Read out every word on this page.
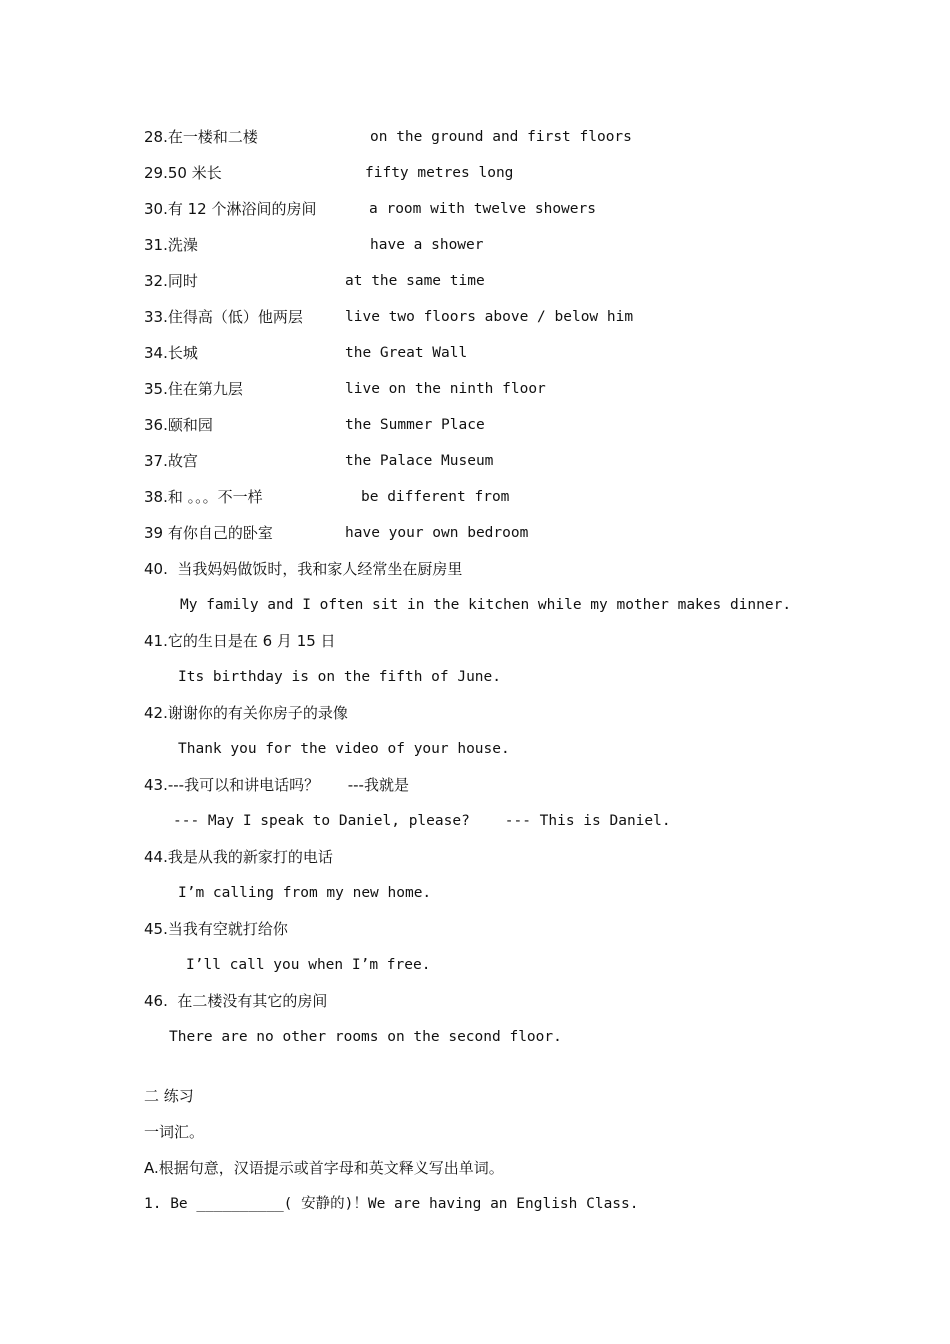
28.在一楼和二楼	on the ground and first floors
29.50 米长	fifty metres long
30.有 12 个淋浴间的房间	a room with twelve showers
31.洗澡	have a shower
32.同时	at the same time
33.住得高（低）他两层	live two floors above / below him
34.长城	the Great Wall
35.住在第九层	live on the ninth floor
36.颐和园	the Summer Place
37.故宫	the Palace Museum
38.和 。。。不一样	be different from
39 有你自己的卧室	have your own bedroom
40.  当我妈妈做饭时，我和家人经常坐在厨房里
My family and I often sit in the kitchen while my mother makes dinner.
41.它的生日是在 6 月 15 日
Its birthday is on the fifth of June.
42.谢谢你的有关你房子的录像
Thank you for the video of your house.
43.---我可以和讲电话吗？      ---我就是
--- May I speak to Daniel, please?    --- This is Daniel.
44.我是从我的新家打的电话
I’m calling from my new home.
45.当我有空就打给你
I’ll call you when I’m free.
46.  在二楼没有其它的房间
There are no other rooms on the second floor.
二 练习
一词汇。
A.根据句意，汉语提示或首字母和英文释义写出单词。
1. Be __________( 安静的)！We are having an English Class.
